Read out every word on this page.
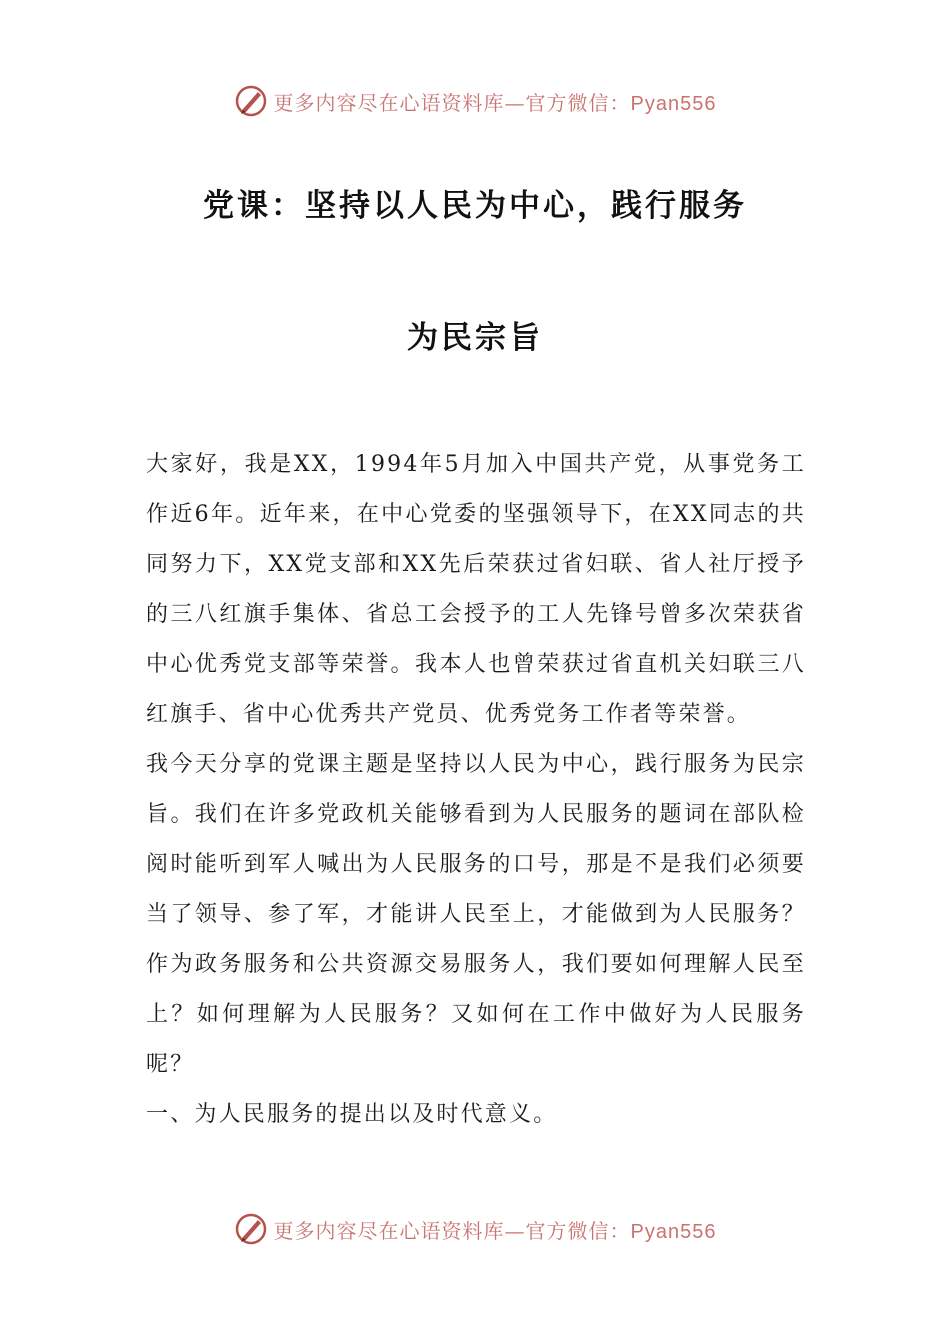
更多内容尽在心语资料库—官方微信：Pyan556
党课：坚持以人民为中心，践行服务
为民宗旨

大家好，我是XX，1994年5月加入中国共产党，从事党务工作近6年。近年来，在中心党委的坚强领导下，在XX同志的共同努力下，XX党支部和XX先后荣获过省妇联、省人社厅授予的三八红旗手集体、省总工会授予的工人先锋号曾多次荣获省中心优秀党支部等荣誉。我本人也曾荣获过省直机关妇联三八红旗手、省中心优秀共产党员、优秀党务工作者等荣誉。

我今天分享的党课主题是坚持以人民为中心，践行服务为民宗旨。我们在许多党政机关能够看到为人民服务的题词在部队检阅时能听到军人喊出为人民服务的口号，那是不是我们必须要当了领导、参了军，才能讲人民至上，才能做到为人民服务？作为政务服务和公共资源交易服务人，我们要如何理解人民至上？如何理解为人民服务？又如何在工作中做好为人民服务呢？

一、为人民服务的提出以及时代意义。

更多内容尽在心语资料库—官方微信：Pyan556
